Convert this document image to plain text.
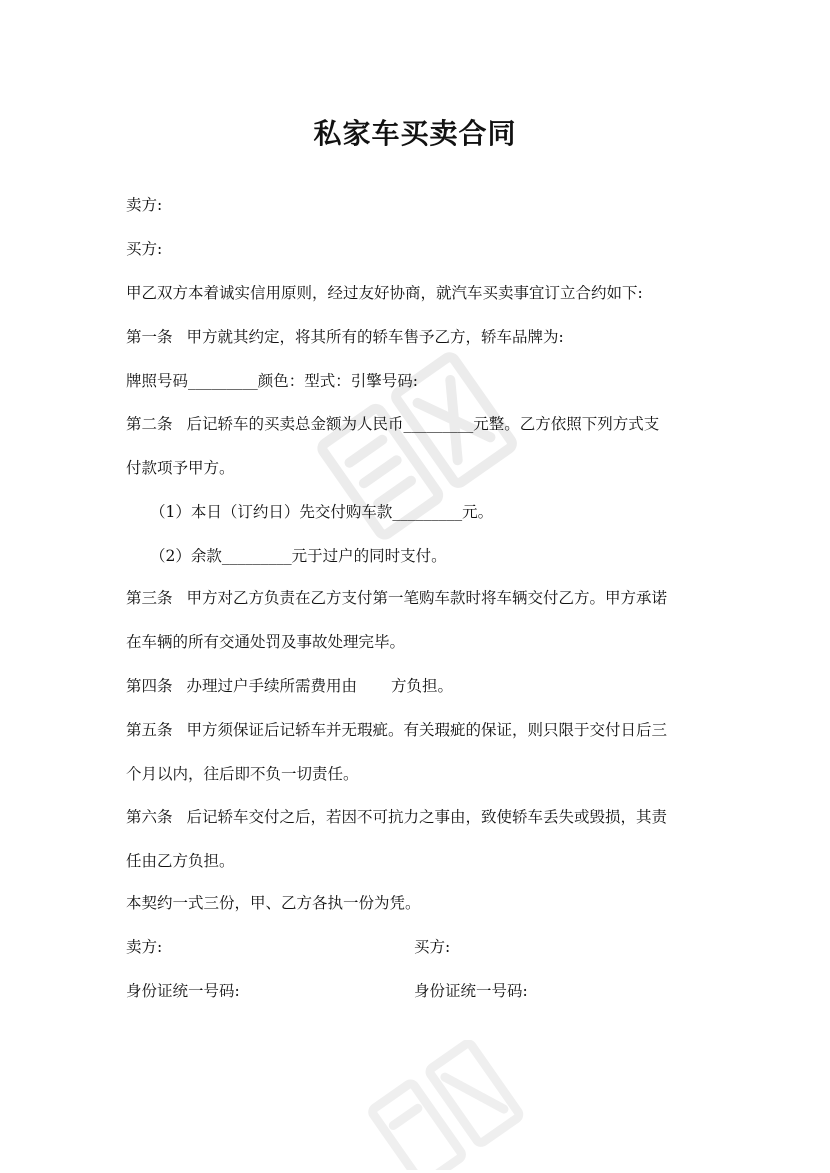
私家车买卖合同
卖方:
买方:
甲乙双方本着诚实信用原则，经过友好协商，就汽车买卖事宜订立合约如下:
第一条 甲方就其约定，将其所有的轿车售予乙方，轿车品牌为:
牌照号码_________颜色：型式：引擎号码:
第二条 后记轿车的买卖总金额为人民币_________元整。乙方依照下列方式支
付款项予甲方。
（1）本日（订约日）先交付购车款_________元。
（2）余款_________元于过户的同时支付。
第三条 甲方对乙方负责在乙方支付第一笔购车款时将车辆交付乙方。甲方承诺
在车辆的所有交通处罚及事故处理完毕。
第四条 办理过户手续所需费用由 方负担。
第五条 甲方须保证后记轿车并无瑕疵。有关瑕疵的保证，则只限于交付日后三
个月以内，往后即不负一切责任。
第六条 后记轿车交付之后，若因不可抗力之事由，致使轿车丢失或毁损，其责
任由乙方负担。
本契约一式三份，甲、乙方各执一份为凭。
卖方:	买方:
身份证统一号码:	身份证统一号码:
